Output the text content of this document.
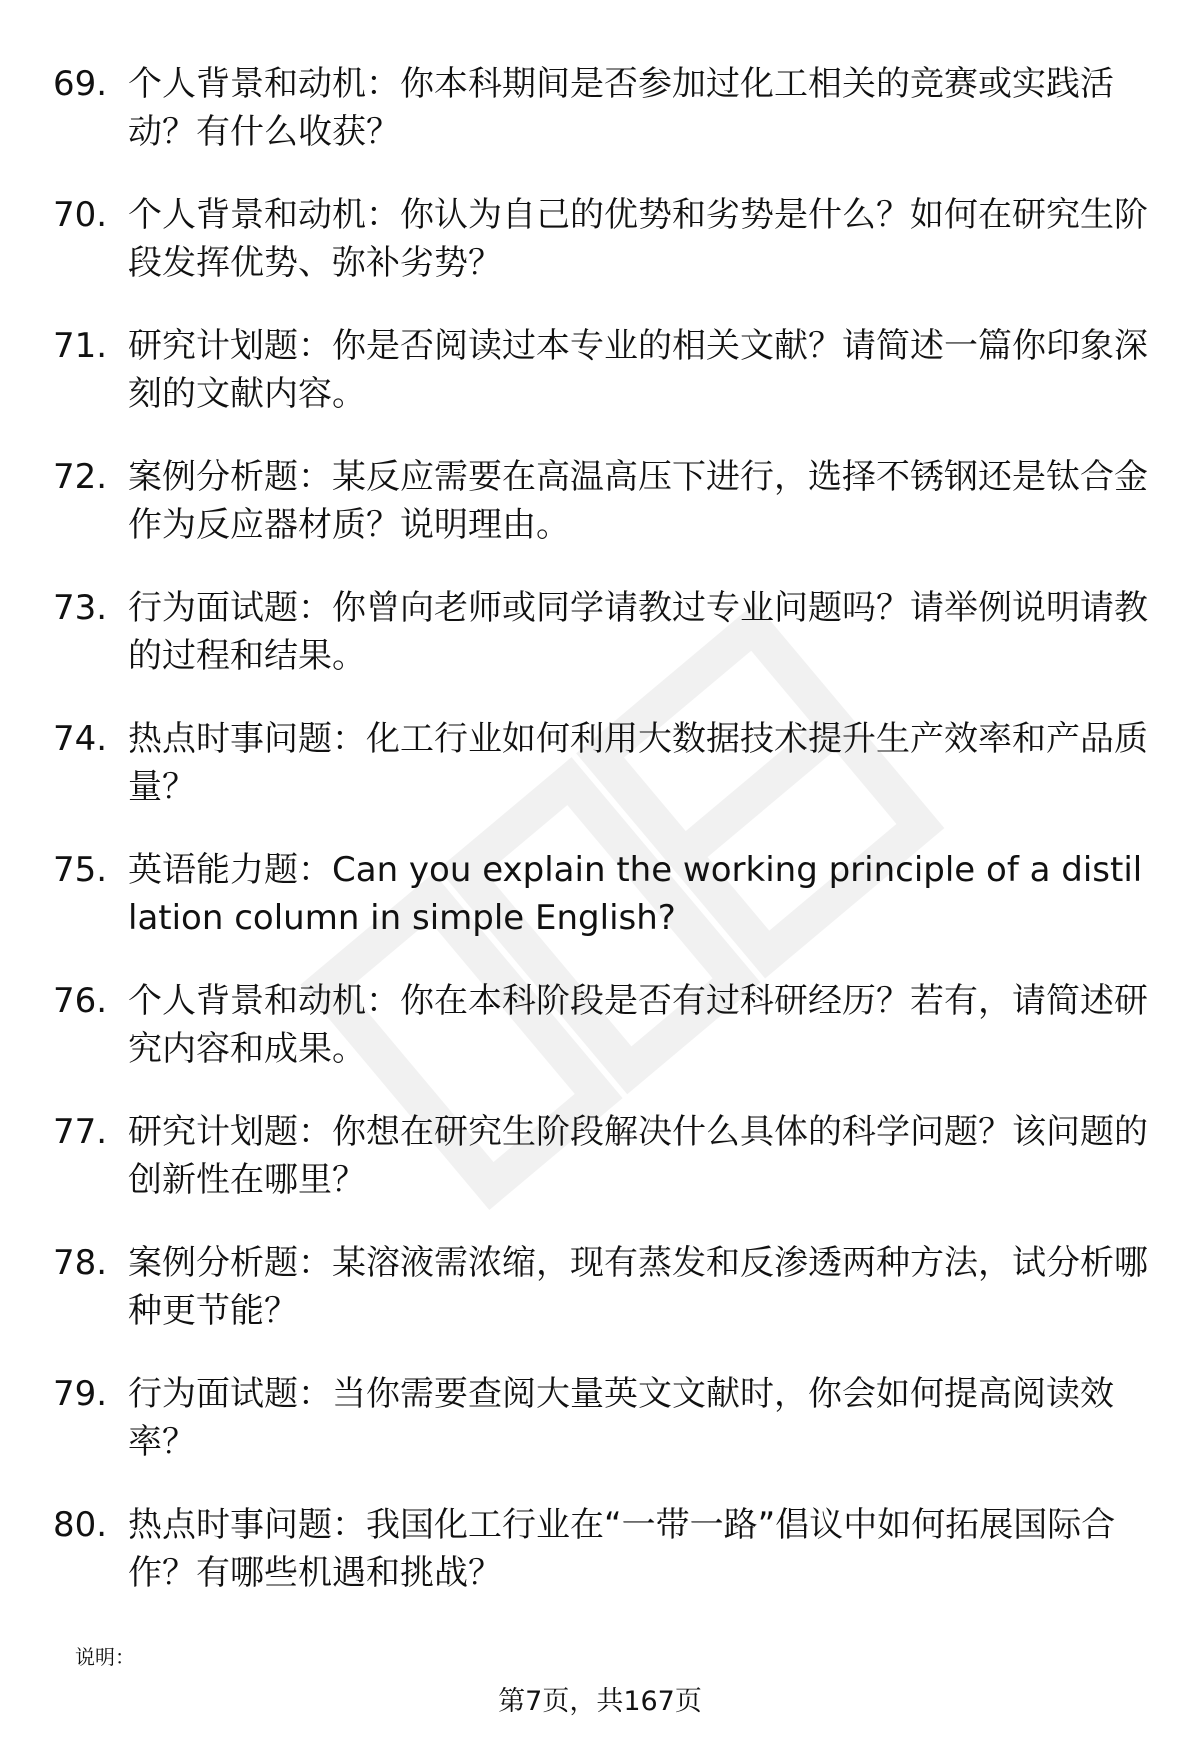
69. 个人背景和动机：你本科期间是否参加过化工相关的竞赛或实践活动？有什么收获？
70. 个人背景和动机：你认为自己的优势和劣势是什么？如何在研究生阶段发挥优势、弥补劣势？
71. 研究计划题：你是否阅读过本专业的相关文献？请简述一篇你印象深刻的文献内容。
72. 案例分析题：某反应需要在高温高压下进行，选择不锈钢还是钛合金作为反应器材质？说明理由。
73. 行为面试题：你曾向老师或同学请教过专业问题吗？请举例说明请教的过程和结果。
74. 热点时事问题：化工行业如何利用大数据技术提升生产效率和产品质量？
75. 英语能力题：Can you explain the working principle of a distillation column in simple English?
76. 个人背景和动机：你在本科阶段是否有过科研经历？若有，请简述研究内容和成果。
77. 研究计划题：你想在研究生阶段解决什么具体的科学问题？该问题的创新性在哪里？
78. 案例分析题：某溶液需浓缩，现有蒸发和反渗透两种方法，试分析哪种更节能？
79. 行为面试题：当你需要查阅大量英文文献时，你会如何提高阅读效率？
80. 热点时事问题：我国化工行业在“一带一路”倡议中如何拓展国际合作？有哪些机遇和挑战？
说明：
第7页，共167页
